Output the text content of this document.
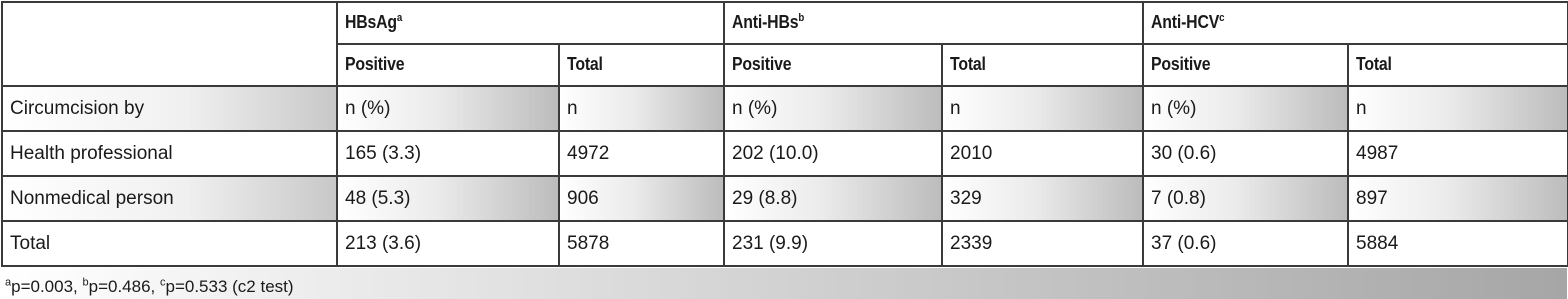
	HBsAg$^a$		Anti-HBs$^b$		Anti-HCV$^c$
	Positive	Total	Positive	Total	Positive	Total
Circumcision by	n (%)	n	n (%)	n	n (%)	n
Health professional	165 (3.3)	4972	202 (10.0)	2010	30 (0.6)	4987
Nonmedical person	48 (5.3)	906	29 (8.8)	329	7 (0.8)	897
Total	213 (3.6)	5878	231 (9.9)	2339	37 (0.6)	5884
$^a$p=0.003, $^b$p=0.486, $^c$p=0.533 (c2 test)
